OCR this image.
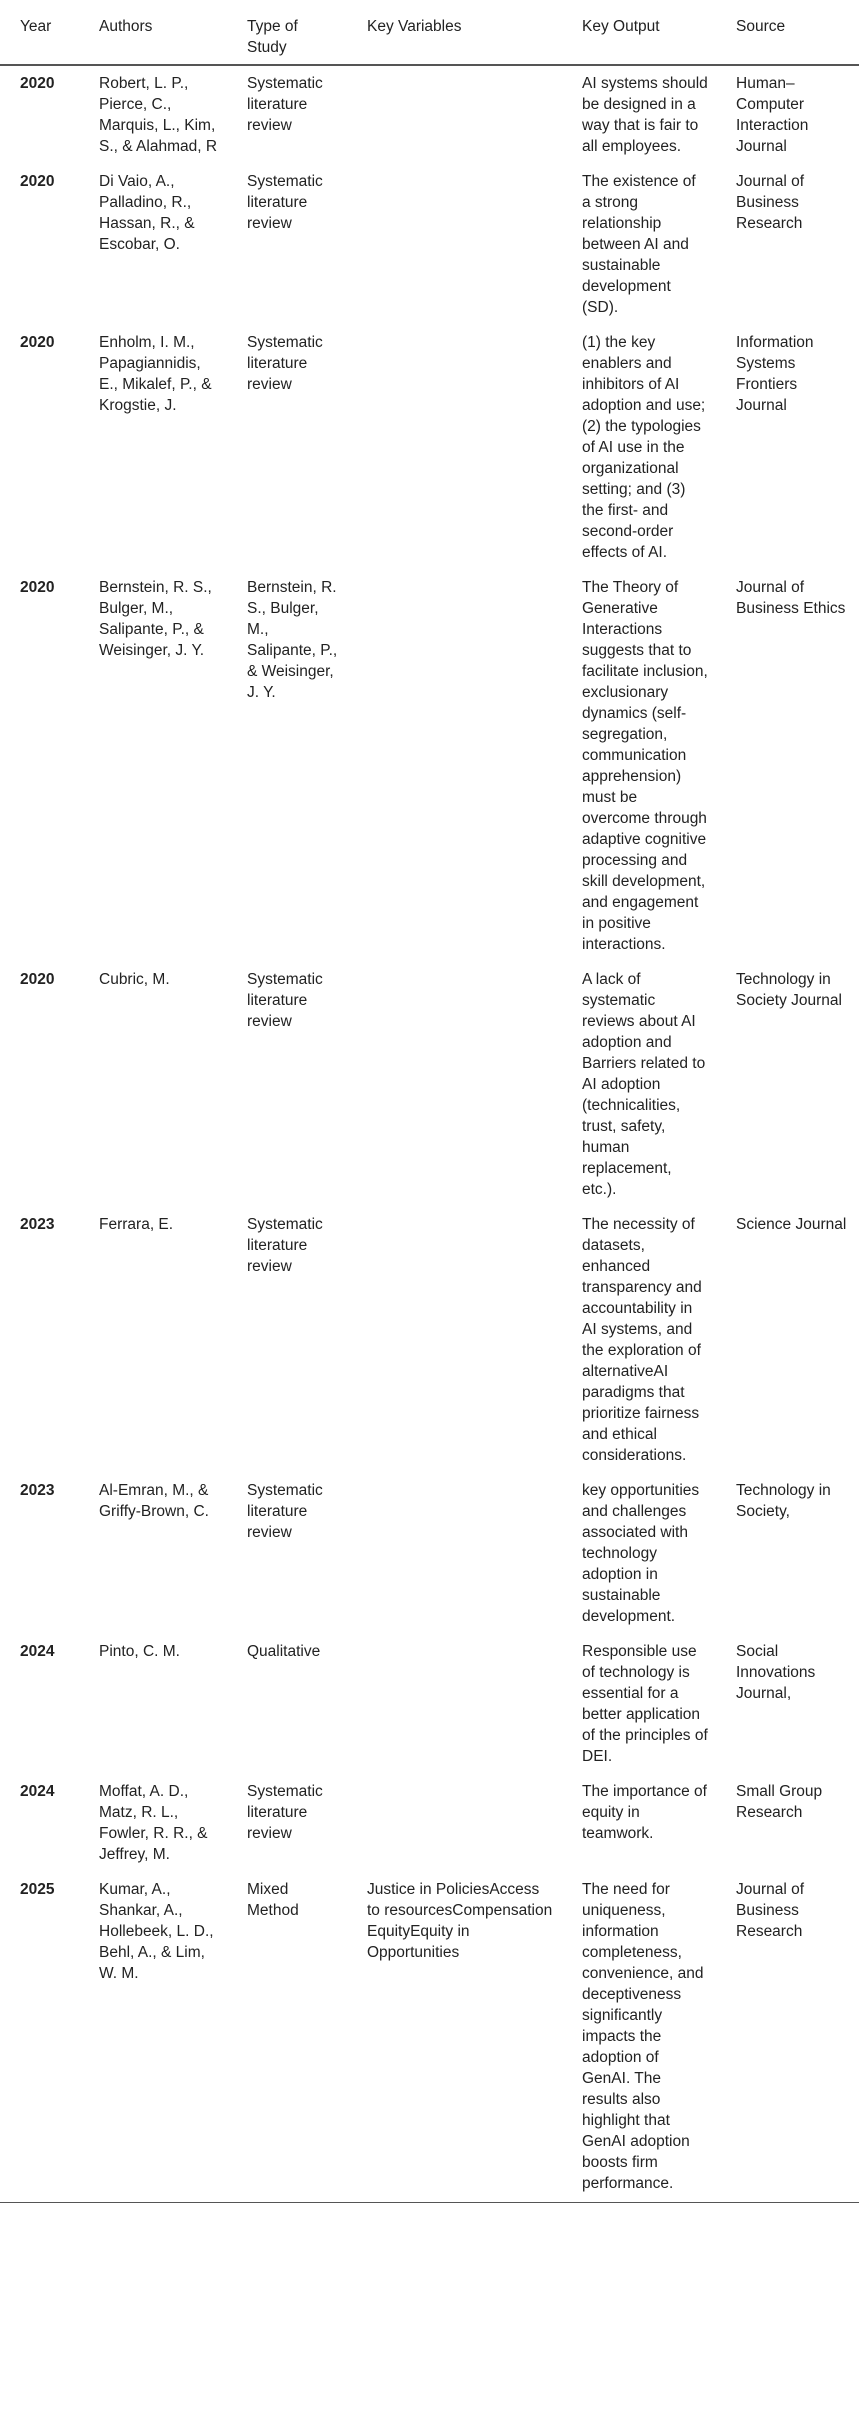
Year	Authors	Type of Study	Key Variables	Key Output	Source
2020	Robert, L. P., Pierce, C., Marquis, L., Kim, S., & Alahmad, R	Systematic literature review		AI systems should be designed in a way that is fair to all employees.	Human–Computer Interaction Journal
2020	Di Vaio, A., Palladino, R., Hassan, R., & Escobar, O.	Systematic literature review		The existence of a strong relationship between AI and sustainable development (SD).	Journal of Business Research
2020	Enholm, I. M., Papagiannidis, E., Mikalef, P., & Krogstie, J.	Systematic literature review		(1) the key enablers and inhibitors of AI adoption and use; (2) the typologies of AI use in the organizational setting; and (3) the first- and second-order effects of AI.	Information Systems Frontiers Journal
2020	Bernstein, R. S., Bulger, M., Salipante, P., & Weisinger, J. Y.	Bernstein, R. S., Bulger, M., Salipante, P., & Weisinger, J. Y.		The Theory of Generative Interactions suggests that to facilitate inclusion, exclusionary dynamics (self-segregation, communication apprehension) must be overcome through adaptive cognitive processing and skill development, and engagement in positive interactions.	Journal of Business Ethics
2020	Cubric, M.	Systematic literature review		A lack of systematic reviews about AI adoption and Barriers related to AI adoption (technicalities, trust, safety, human replacement, etc.).	Technology in Society Journal
2023	Ferrara, E.	Systematic literature review		The necessity of datasets, enhanced transparency and accountability in AI systems, and the exploration of alternativeAI paradigms that prioritize fairness and ethical considerations.	Science Journal
2023	Al-Emran, M., & Griffy-Brown, C.	Systematic literature review		key opportunities and challenges associated with technology adoption in sustainable development.	Technology in Society,
2024	Pinto, C. M.	Qualitative		Responsible use of technology is essential for a better application of the principles of DEI.	Social Innovations Journal,
2024	Moffat, A. D., Matz, R. L., Fowler, R. R., & Jeffrey, M.	Systematic literature review		The importance of equity in teamwork.	Small Group Research
2025	Kumar, A., Shankar, A., Hollebeek, L. D., Behl, A., & Lim, W. M.	Mixed Method	Justice in PoliciesAccess to resourcesCompensation EquityEquity in Opportunities	The need for uniqueness, information completeness, convenience, and deceptiveness significantly impacts the adoption of GenAI. The results also highlight that GenAI adoption boosts firm performance.	Journal of Business Research
